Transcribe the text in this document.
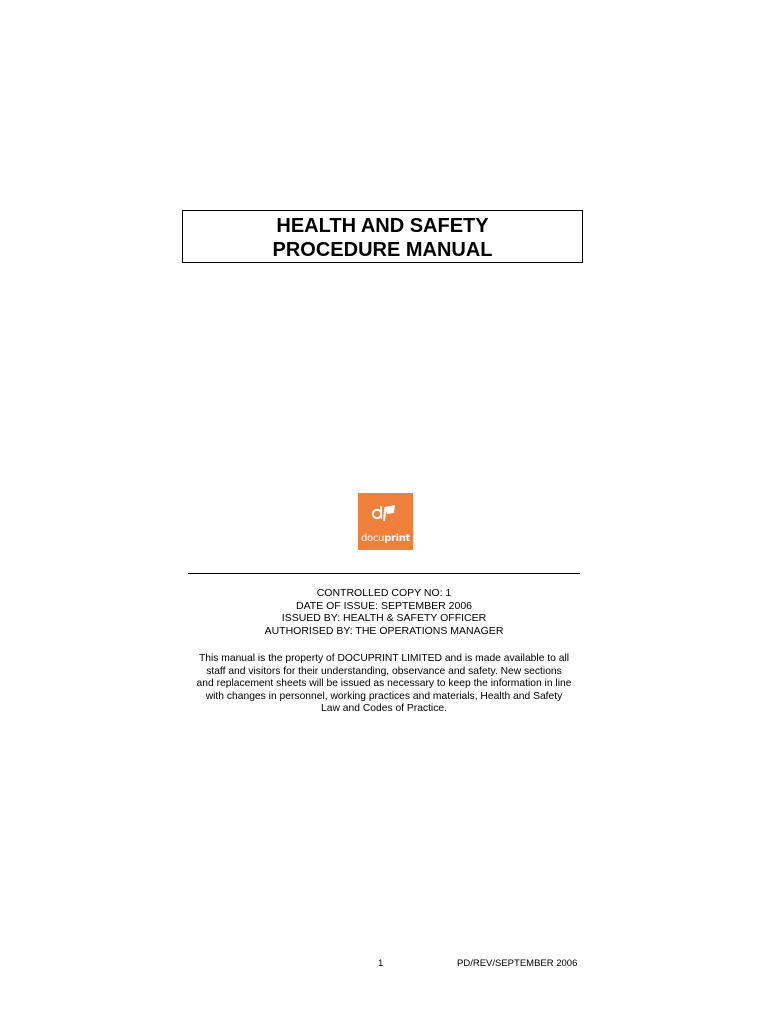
HEALTH AND SAFETY
PROCEDURE MANUAL
docuprint
CONTROLLED COPY NO: 1
DATE OF ISSUE: SEPTEMBER 2006
ISSUED BY: HEALTH & SAFETY OFFICER
AUTHORISED BY: THE OPERATIONS MANAGER
This manual is the property of DOCUPRINT LIMITED and is made available to all
staff and visitors for their understanding, observance and safety. New sections
and replacement sheets will be issued as necessary to keep the information in line
with changes in personnel, working practices and materials, Health and Safety
Law and Codes of Practice.
1	PD/REV/SEPTEMBER 2006
